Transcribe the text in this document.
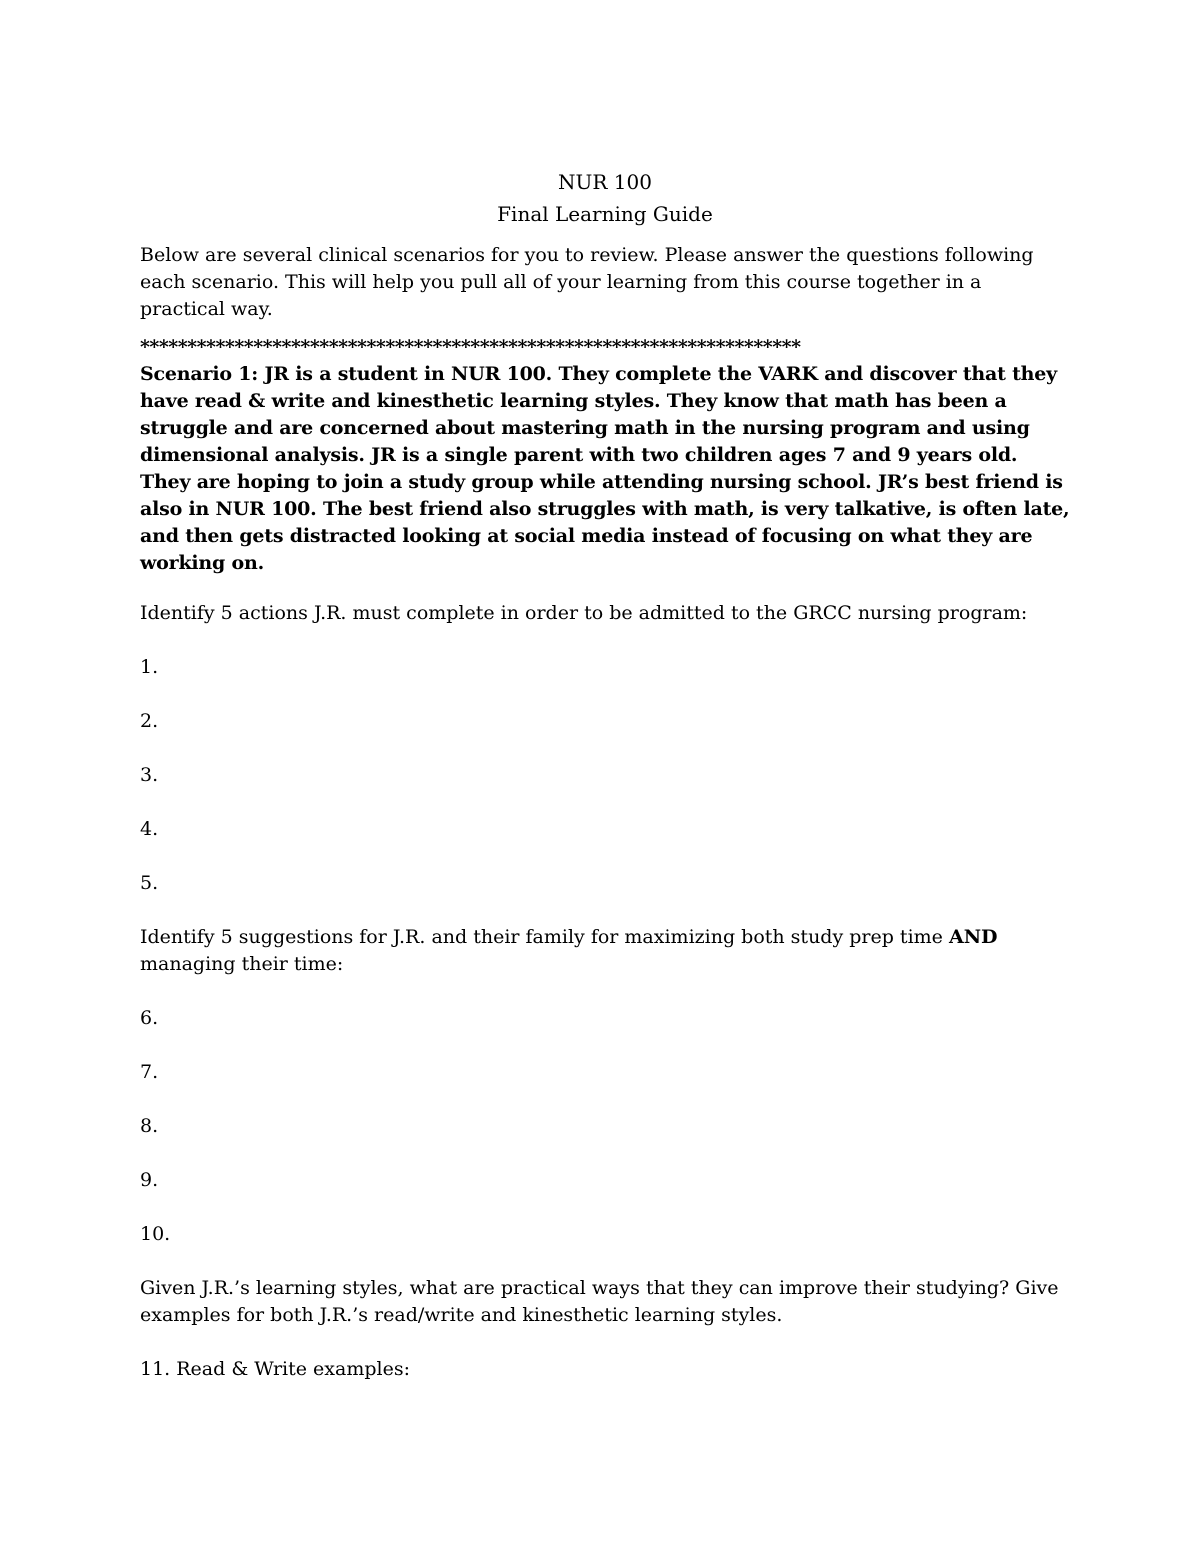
NUR 100

Final Learning Guide

Below are several clinical scenarios for you to review. Please answer the questions following each scenario. This will help you pull all of your learning from this course together in a practical way.

**********************************************************************

Scenario 1: JR is a student in NUR 100. They complete the VARK and discover that they have read & write and kinesthetic learning styles. They know that math has been a struggle and are concerned about mastering math in the nursing program and using dimensional analysis. JR is a single parent with two children ages 7 and 9 years old. They are hoping to join a study group while attending nursing school. JR’s best friend is also in NUR 100. The best friend also struggles with math, is very talkative, is often late, and then gets distracted looking at social media instead of focusing on what they are working on.

Identify 5 actions J.R. must complete in order to be admitted to the GRCC nursing program:

1.
2.
3.
4.
5.

Identify 5 suggestions for J.R. and their family for maximizing both study prep time AND managing their time:

6.
7.
8.
9.
10.

Given J.R.’s learning styles, what are practical ways that they can improve their studying? Give examples for both J.R.’s read/write and kinesthetic learning styles.

11. Read & Write examples:
